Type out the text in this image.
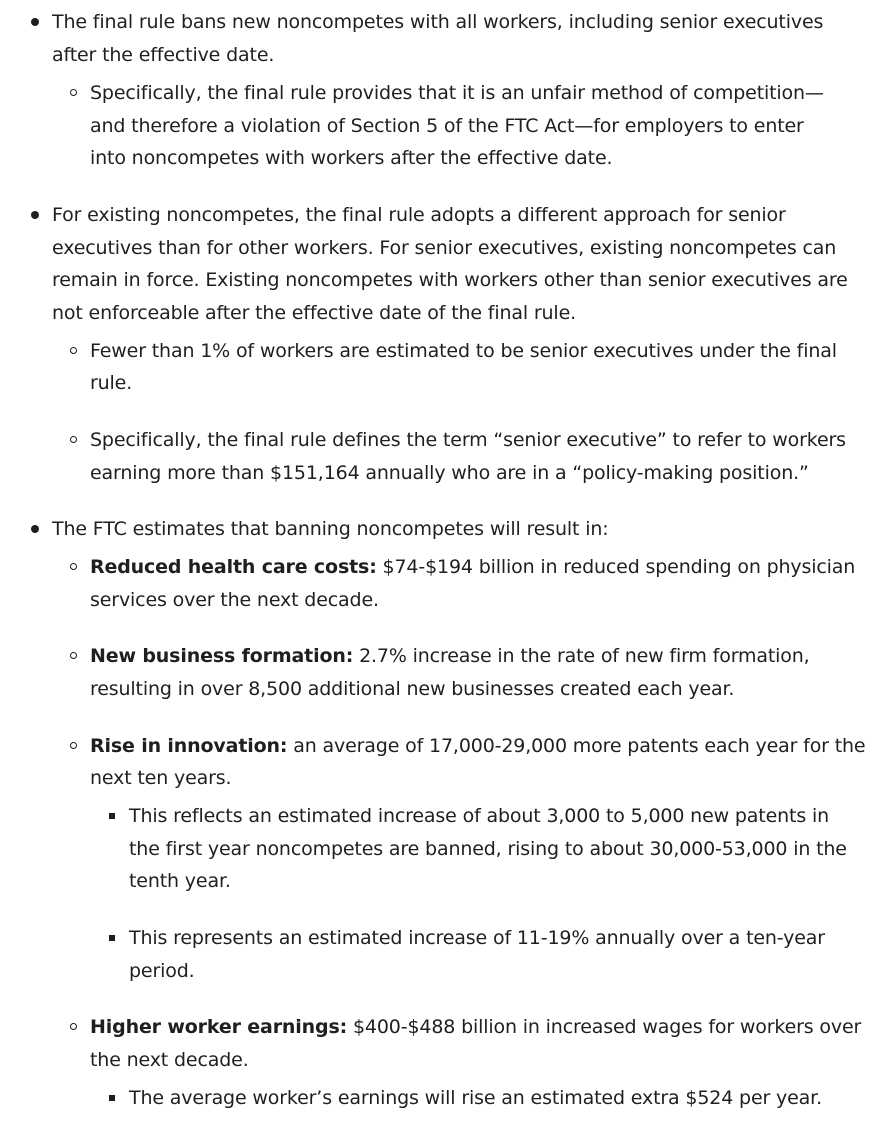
The final rule bans new noncompetes with all workers, including senior executives
after the effective date.
Specifically, the final rule provides that it is an unfair method of competition—
and therefore a violation of Section 5 of the FTC Act—for employers to enter
into noncompetes with workers after the effective date.
For existing noncompetes, the final rule adopts a different approach for senior
executives than for other workers. For senior executives, existing noncompetes can
remain in force. Existing noncompetes with workers other than senior executives are
not enforceable after the effective date of the final rule.
Fewer than 1% of workers are estimated to be senior executives under the final
rule.
Specifically, the final rule defines the term “senior executive” to refer to workers
earning more than $151,164 annually who are in a “policy-making position.”
The FTC estimates that banning noncompetes will result in:
Reduced health care costs: $74-$194 billion in reduced spending on physician
services over the next decade.
New business formation: 2.7% increase in the rate of new firm formation,
resulting in over 8,500 additional new businesses created each year.
Rise in innovation: an average of 17,000-29,000 more patents each year for the
next ten years.
This reflects an estimated increase of about 3,000 to 5,000 new patents in
the first year noncompetes are banned, rising to about 30,000-53,000 in the
tenth year.
This represents an estimated increase of 11-19% annually over a ten-year
period.
Higher worker earnings: $400-$488 billion in increased wages for workers over
the next decade.
The average worker’s earnings will rise an estimated extra $524 per year.
